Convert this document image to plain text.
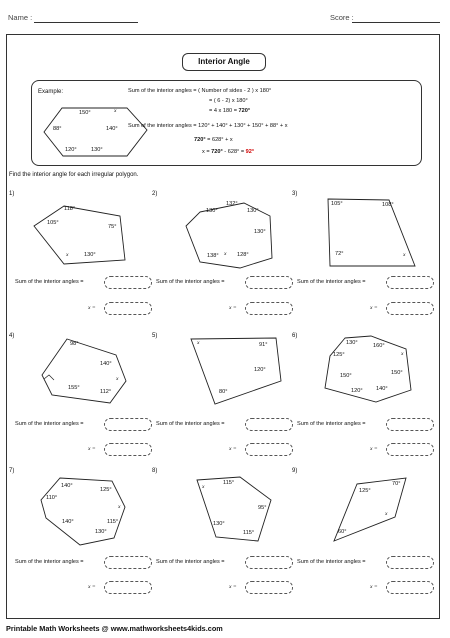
Name :	Score :
Interior Angle
Example:
150°	x
88°	140°
120°	130°
Sum of the interior angles = ( Number of sides - 2 ) x 180°
= ( 6 - 2) x 180°
= 4 x 180 = 720°
Sum of the interior angles = 120° + 140° + 130° + 150° + 88° + x
720° = 628° + x
x = 720° - 628° = 92°
Find the interior angle for each irregular polygon.
1)	2)	3)
4)	5)	6)
7)	8)	9)
118°
105°
75°
x	130°
132°
130°	130°
130°
138° x 128°
105°	108°
72°	x
98°
140°
x
155°
112°
x	91°
120°
80°
130°	160°
125°	x
150°	150°
120° 140°
140°
125°
110°
x
140°	115°
130°
115°
x
95°
130°
115°
125°
70°
x
60°
Sum of the interior angles =
x =
Sum of the interior angles =
x =
Sum of the interior angles =
x =
Sum of the interior angles =
x =
Sum of the interior angles =
x =
Sum of the interior angles =
x =
Sum of the interior angles =
x =
Sum of the interior angles =
x =
Sum of the interior angles =
x =
Printable Math Worksheets @ www.mathworksheets4kids.com
